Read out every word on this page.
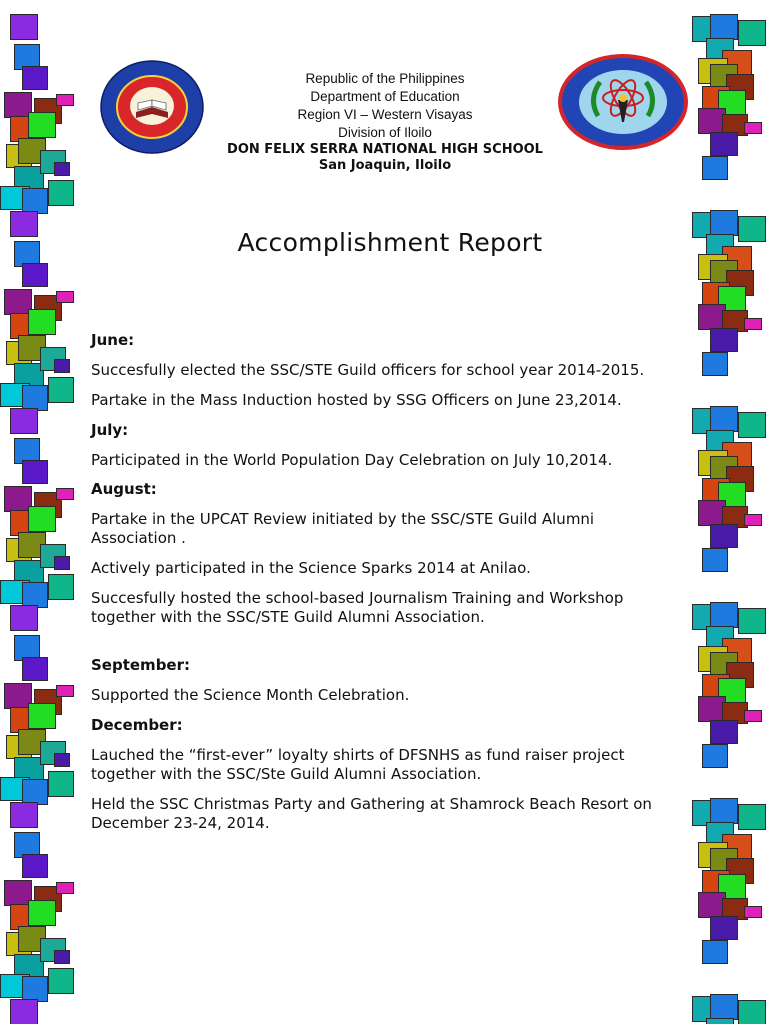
Republic of the Philippines
Department of Education
Region VI – Western Visayas
Division of Iloilo
DON FELIX SERRA NATIONAL HIGH SCHOOL
San Joaquin, Iloilo
Accomplishment Report

June:

Succesfully elected the SSC/STE Guild officers for school year 2014-2015.

Partake in the Mass Induction hosted by SSG Officers on June 23,2014.

July:

Participated in the World Population Day Celebration on July 10,2014.

August:

Partake in the UPCAT Review initiated by the SSC/STE Guild Alumni Association .

Actively participated in the Science Sparks 2014 at Anilao.

Succesfully hosted the school-based Journalism Training and Workshop together with the SSC/STE Guild Alumni Association.

September:

Supported the Science Month Celebration.

December:

Lauched the “first-ever” loyalty shirts of DFSNHS as fund raiser project together with the SSC/Ste Guild Alumni Association.

Held the SSC Christmas Party and Gathering at Shamrock Beach Resort on December 23-24, 2014.
